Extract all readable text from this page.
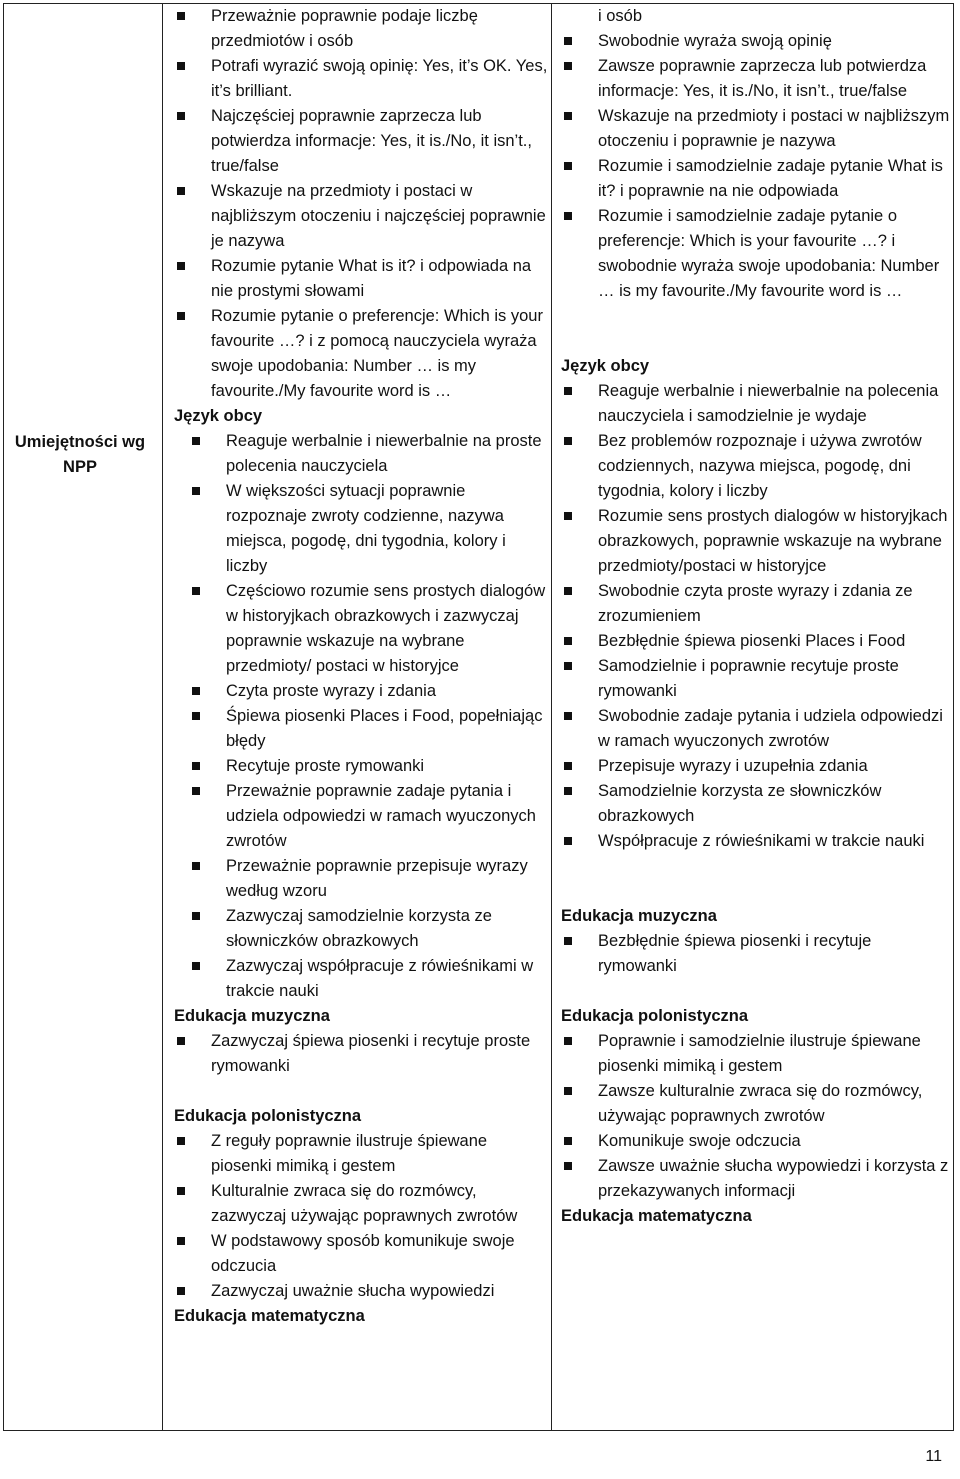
Umiejętności wg NPP
Przeważnie poprawnie podaje liczbę przedmiotów i osób
Potrafi wyrazić swoją opinię: Yes, it’s OK. Yes, it’s brilliant.
Najczęściej poprawnie zaprzecza lub potwierdza informacje: Yes, it is./No, it isn’t., true/false
Wskazuje na przedmioty i postaci w najbliższym otoczeniu i najczęściej poprawnie je nazywa
Rozumie pytanie What is it? i odpowiada na nie prostymi słowami
Rozumie pytanie o preferencje: Which is your favourite …? i z pomocą nauczyciela wyraża swoje upodobania: Number … is my favourite./My favourite word is …
Język obcy
Reaguje werbalnie i niewerbalnie na proste polecenia nauczyciela
W większości sytuacji poprawnie rozpoznaje zwroty codzienne, nazywa miejsca, pogodę, dni tygodnia, kolory i liczby
Częściowo rozumie sens prostych dialogów w historyjkach obrazkowych i zazwyczaj poprawnie wskazuje na wybrane przedmioty/ postaci w historyjce
Czyta proste wyrazy i zdania
Śpiewa piosenki Places i Food, popełniając błędy
Recytuje proste rymowanki
Przeważnie poprawnie zadaje pytania i udziela odpowiedzi w ramach wyuczonych zwrotów
Przeważnie poprawnie przepisuje wyrazy według wzoru
Zazwyczaj samodzielnie korzysta ze słowniczków obrazkowych
Zazwyczaj współpracuje z rówieśnikami w trakcie nauki
Edukacja muzyczna
Zazwyczaj śpiewa piosenki i recytuje proste rymowanki
Edukacja polonistyczna
Z reguły poprawnie ilustruje śpiewane piosenki mimiką i gestem
Kulturalnie zwraca się do rozmówcy, zazwyczaj używając poprawnych zwrotów
W podstawowy sposób komunikuje swoje odczucia
Zazwyczaj uważnie słucha wypowiedzi
Edukacja matematyczna
i osób
Swobodnie wyraża swoją opinię
Zawsze poprawnie zaprzecza lub potwierdza informacje: Yes, it is./No, it isn’t., true/false
Wskazuje na przedmioty i postaci w najbliższym otoczeniu i poprawnie je nazywa
Rozumie i samodzielnie zadaje pytanie What is it? i poprawnie na nie odpowiada
Rozumie i samodzielnie zadaje pytanie o preferencje: Which is your favourite …? i swobodnie wyraża swoje upodobania: Number … is my favourite./My favourite word is …
Język obcy
Reaguje werbalnie i niewerbalnie na polecenia nauczyciela i samodzielnie je wydaje
Bez problemów rozpoznaje i używa zwrotów codziennych, nazywa miejsca, pogodę, dni tygodnia, kolory i liczby
Rozumie sens prostych dialogów w historyjkach obrazkowych, poprawnie wskazuje na wybrane przedmioty/postaci w historyjce
Swobodnie czyta proste wyrazy i zdania ze zrozumieniem
Bezbłędnie śpiewa piosenki Places i Food
Samodzielnie i poprawnie recytuje proste rymowanki
Swobodnie zadaje pytania i udziela odpowiedzi w ramach wyuczonych zwrotów
Przepisuje wyrazy i uzupełnia zdania
Samodzielnie korzysta ze słowniczków obrazkowych
Współpracuje z rówieśnikami w trakcie nauki
Edukacja muzyczna
Bezbłędnie śpiewa piosenki i recytuje rymowanki
Edukacja polonistyczna
Poprawnie i samodzielnie ilustruje śpiewane piosenki mimiką i gestem
Zawsze kulturalnie zwraca się do rozmówcy, używając poprawnych zwrotów
Komunikuje swoje odczucia
Zawsze uważnie słucha wypowiedzi i korzysta z przekazywanych informacji
Edukacja matematyczna
11
